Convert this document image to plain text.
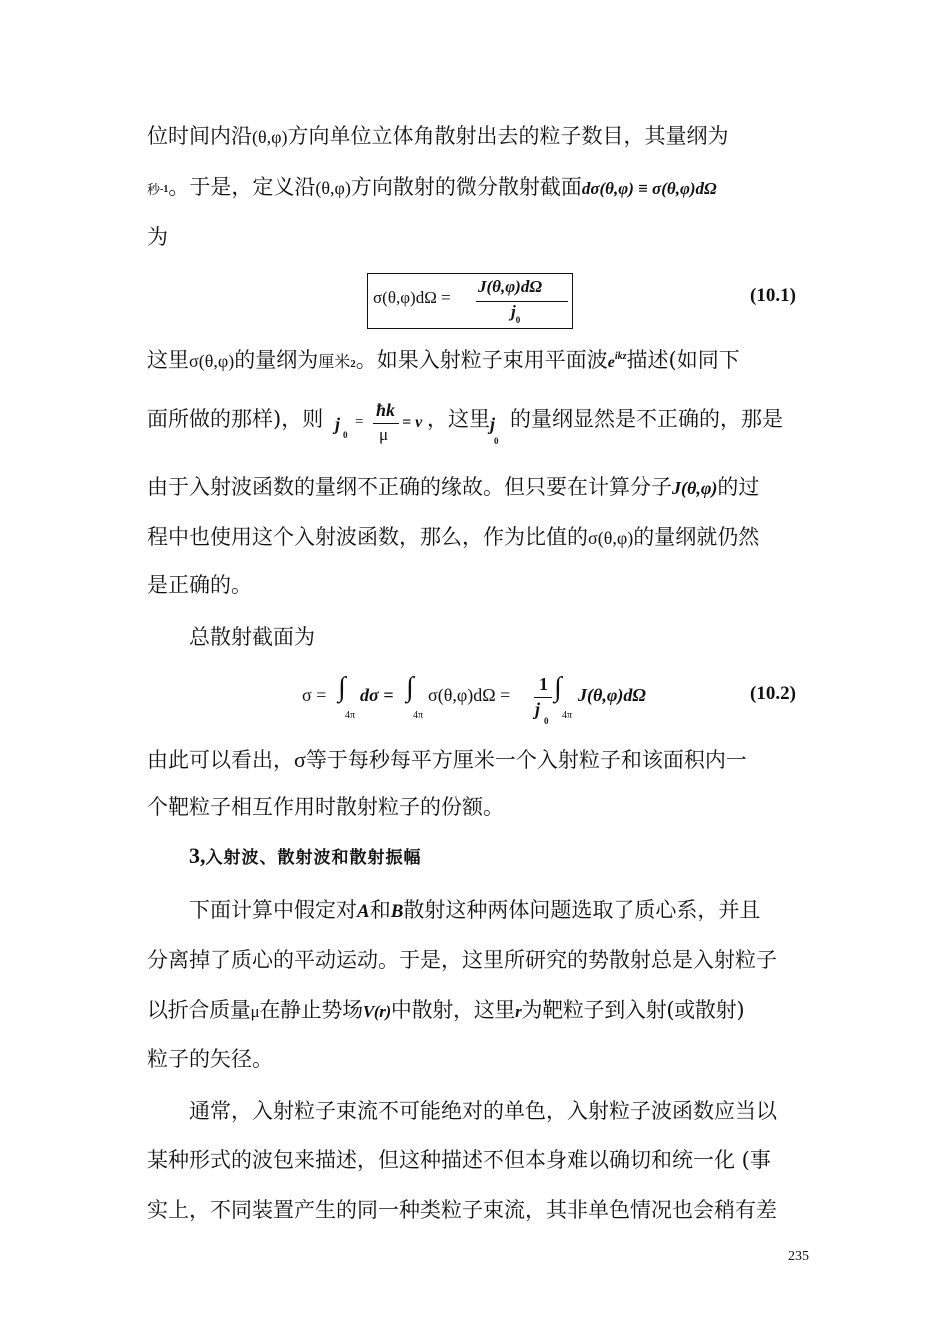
位时间内沿(θ,φ)方向单位立体角散射出去的粒子数目，其量纲为
秒-1。于是，定义沿(θ,φ)方向散射的微分散射截面dσ(θ,φ) ≡ σ(θ,φ)dΩ
为
σ(θ,φ)dΩ =
J(θ,φ)dΩ
$j_0$
(10.1)
这里σ(θ,φ)的量纲为厘米2。如果入射粒子束用平面波$e^{ikz}$描述(如同下
面所做的那样)，则 j
0
=
ħk
μ
= v ，这里$j_0$的量纲显然是不正确的，那是
由于入射波函数的量纲不正确的缘故。但只要在计算分子J(θ,φ)的过
程中也使用这个入射波函数，那么，作为比值的σ(θ,φ)的量纲就仍然
是正确的。
总散射截面为
σ = ∫
4π
dσ = ∫
4π
σ(θ,φ)dΩ =
1
j
0
∫
4π
J(θ,φ)dΩ	(10.2)
由此可以看出，σ等于每秒每平方厘米一个入射粒子和该面积内一
个靶粒子相互作用时散射粒子的份额。
3,入射波、散射波和散射振幅
下面计算中假定对A和B散射这种两体问题选取了质心系，并且
分离掉了质心的平动运动。于是，这里所研究的势散射总是入射粒子
以折合质量μ在静止势场V(r)中散射，这里r为靶粒子到入射(或散射)
粒子的矢径。
通常，入射粒子束流不可能绝对的单色，入射粒子波函数应当以
某种形式的波包来描述，但这种描述不但本身难以确切和统一化 (事
实上，不同装置产生的同一种类粒子束流，其非单色情况也会稍有差
235
